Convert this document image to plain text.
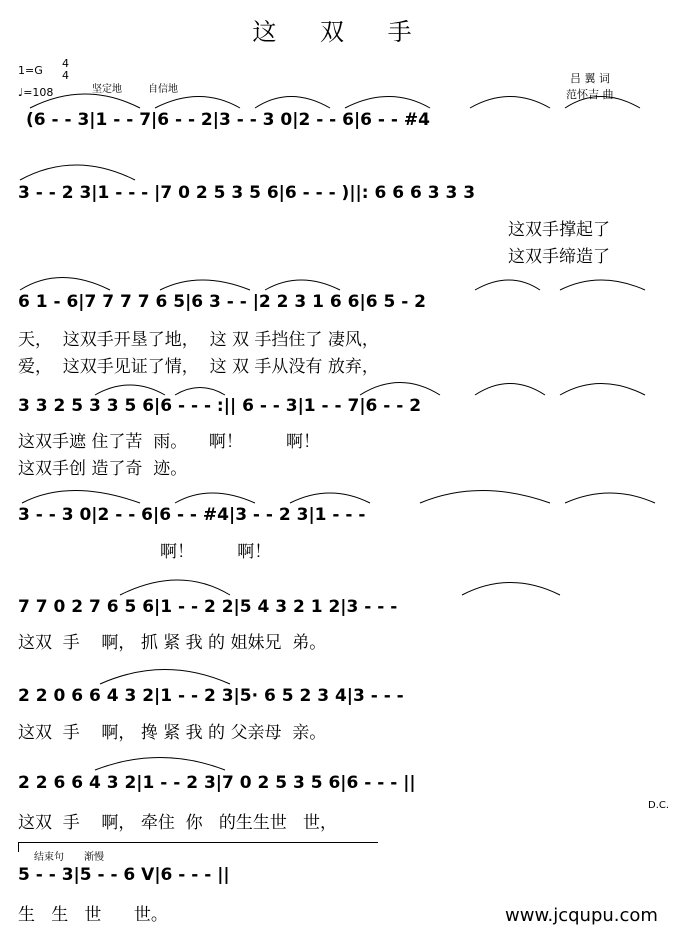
这 双 手
1=G
4
4
♩=108	坚定地	自信地
吕 翼 词
范怀吉 曲
(6 - - 3|1 - - 7|6 - - 2|3 - - 3 0|2 - - 6|6 - - #4
3 - - 2 3|1 - - - |7 0 2 5 3 5 6|6 - - - )||: 6 6 6 3 3 3
这双手撑起了
这双手缔造了
6 1 - 6|7 7 7 7 6 5|6 3 - - |2 2 3 1 6 6|6 5 - 2
天，  这双手开垦了地，  这 双 手挡住了 凄风，
爱，  这双手见证了情，  这 双 手从没有 放弃，
3 3 2 5 3 3 5 6|6 - - - :|| 6 - - 3|1 - - 7|6 - - 2
这双手遮 住了苦  雨。    啊！        啊！
这双手创 造了奇  迹。
3 - - 3 0|2 - - 6|6 - - #4|3 - - 2 3|1 - - -
啊！        啊！
7 7 0 2 7 6 5 6|1 - - 2 2|5 4 3 2 1 2|3 - - -
这双  手    啊， 抓 紧 我 的 姐妹兄  弟。
2 2 0 6 6 4 3 2|1 - - 2 3|5· 6 5 2 3 4|3 - - -
这双  手    啊， 搀 紧 我 的 父亲母  亲。
2 2 6 6 4 3 2|1 - - 2 3|7 0 2 5 3 5 6|6 - - - ||
这双  手    啊， 牵住  你   的生生世   世，
D.C.
结束句 渐慢
5 - - 3|5 - - 6 V|6 - - - ||
生   生   世      世。	www.jcqupu.com
